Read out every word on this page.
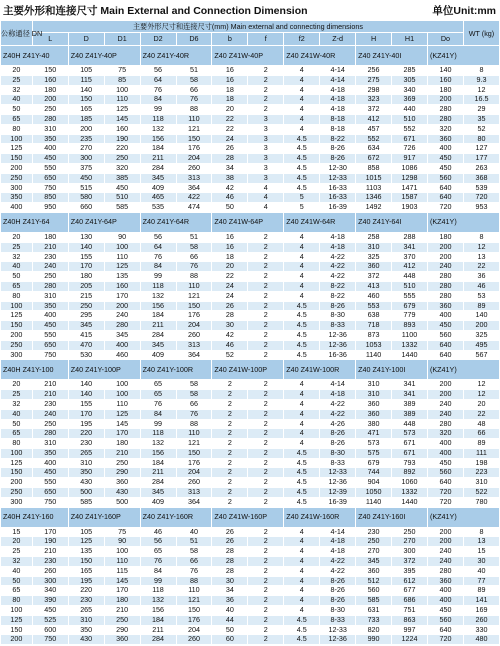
主要外形和连接尺寸 Main External and Connection Dimension	单位Unit:mm
公称通径 DN	主要外形尺寸和连接尺寸(mm) Main external and connecting dimensions												WT (kg)
	L	D	D1	D2	D6	b	f	f2	Z-d	H	H1	Do	
Z40H Z41Y-40		Z40 Z41Y-40P		Z40 Z41Y-40R		Z40 Z41W-40P		Z40 Z41W-40R		Z40 Z41Y-40I		(KZ41Y)	
20	150	105	75	56	51	16	2	4	4-14	256	285	140	8
25	160	115	85	64	58	16	2	4	4-14	275	305	160	9.3
32	180	140	100	76	66	18	2	4	4-18	298	340	180	12
40	200	150	110	84	76	18	2	4	4-18	323	369	200	16.5
50	250	165	125	99	88	20	2	4	4-18	372	440	280	29
65	280	185	145	118	110	22	3	4	8-18	412	510	280	35
80	310	200	160	132	121	22	3	4	8-18	457	552	320	52
100	350	235	190	156	150	24	3	4.5	8-22	552	671	360	80
125	400	270	220	184	176	26	3	4.5	8-26	634	726	400	127
150	450	300	250	211	204	28	3	4.5	8-26	672	917	450	177
200	550	375	320	284	260	34	3	4.5	12-30	858	1086	450	263
250	650	450	385	345	313	38	3	4.5	12-33	1015	1298	560	368
300	750	515	450	409	364	42	4	4.5	16-33	1103	1471	640	539
350	850	580	510	465	422	46	4	5	16-33	1346	1587	640	720
400	950	660	585	535	474	50	4	5	16-39	1492	1903	720	953
Z40H Z41Y-64		Z40 Z41Y-64P		Z40 Z41Y-64R		Z40 Z41W-64P		Z40 Z41W-64R		Z40 Z41Y-64I		(KZ41Y)	
20	180	130	90	56	51	16	2	4	4-18	258	288	180	8
25	210	140	100	64	58	16	2	4	4-18	310	341	200	12
32	230	155	110	76	66	18	2	4	4-22	325	370	200	13
40	240	170	125	84	76	20	2	4	4-22	360	412	240	22
50	250	180	135	99	88	22	2	4	4-22	372	448	280	36
65	280	205	160	118	110	24	2	4	8-22	413	510	280	46
80	310	215	170	132	121	24	2	4	8-22	460	555	280	53
100	350	250	200	156	150	26	2	4.5	8-26	553	679	360	89
125	400	295	240	184	176	28	2	4.5	8-30	638	779	400	140
150	450	345	280	211	204	30	2	4.5	8-33	718	893	450	200
200	550	415	345	284	260	42	2	4.5	12-36	873	1100	560	325
250	650	470	400	345	313	46	2	4.5	12-36	1053	1332	640	495
300	750	530	460	409	364	52	2	4.5	16-36	1140	1440	640	567
Z40H Z41Y-100		Z40 Z41Y-100P		Z40 Z41Y-100R		Z40 Z41W-100P		Z40 Z41W-100R		Z40 Z41Y-100I		(KZ41Y)	
20	210	140	100	65	58	2	2	4	4-14	310	341	200	12
25	210	140	100	65	58	2	2	4	4-18	310	341	200	12
32	230	155	110	76	66	2	2	4	4-22	360	389	240	20
40	240	170	125	84	76	2	2	4	4-22	360	389	240	22
50	250	195	145	99	88	2	2	4	4-26	380	448	280	48
65	280	220	170	118	110	2	2	4	8-26	471	573	320	66
80	310	230	180	132	121	2	2	4	8-26	573	671	400	89
100	350	265	210	156	150	2	2	4.5	8-30	575	671	400	111
125	400	310	250	184	176	2	2	4.5	8-33	679	793	450	198
150	450	350	290	211	204	2	2	4.5	12-33	744	892	560	223
200	550	430	360	284	260	2	2	4.5	12-36	904	1060	640	310
250	650	500	430	345	313	2	2	4.5	12-39	1050	1332	720	522
300	750	585	500	409	364	2	2	4.5	16-39	1140	1440	720	780
Z40H Z41Y-160		Z40 Z41Y-160P		Z40 Z41Y-160R		Z40 Z41W-160P		Z40 Z41W-160R		Z40 Z41Y-160I		(KZ41Y)	
15	170	105	75	46	40	26	2	4	4-14	230	250	200	8
20	190	125	90	56	51	26	2	4	4-18	250	270	200	13
25	210	135	100	65	58	28	2	4	4-18	270	300	240	15
32	230	150	110	76	66	28	2	4	4-22	345	372	240	30
40	260	165	115	84	76	28	2	4	4-22	360	395	280	40
50	300	195	145	99	88	30	2	4	8-26	512	612	360	77
65	340	220	170	118	110	34	2	4	8-26	560	677	400	89
80	390	230	180	132	121	36	2	4	8-26	585	686	400	141
100	450	265	210	156	150	40	2	4	8-30	631	751	450	169
125	525	310	250	184	176	44	2	4.5	8-33	733	863	560	260
150	600	350	290	211	204	50	2	4.5	12-33	820	997	640	330
200	750	430	360	284	260	60	2	4.5	12-36	990	1224	720	480
